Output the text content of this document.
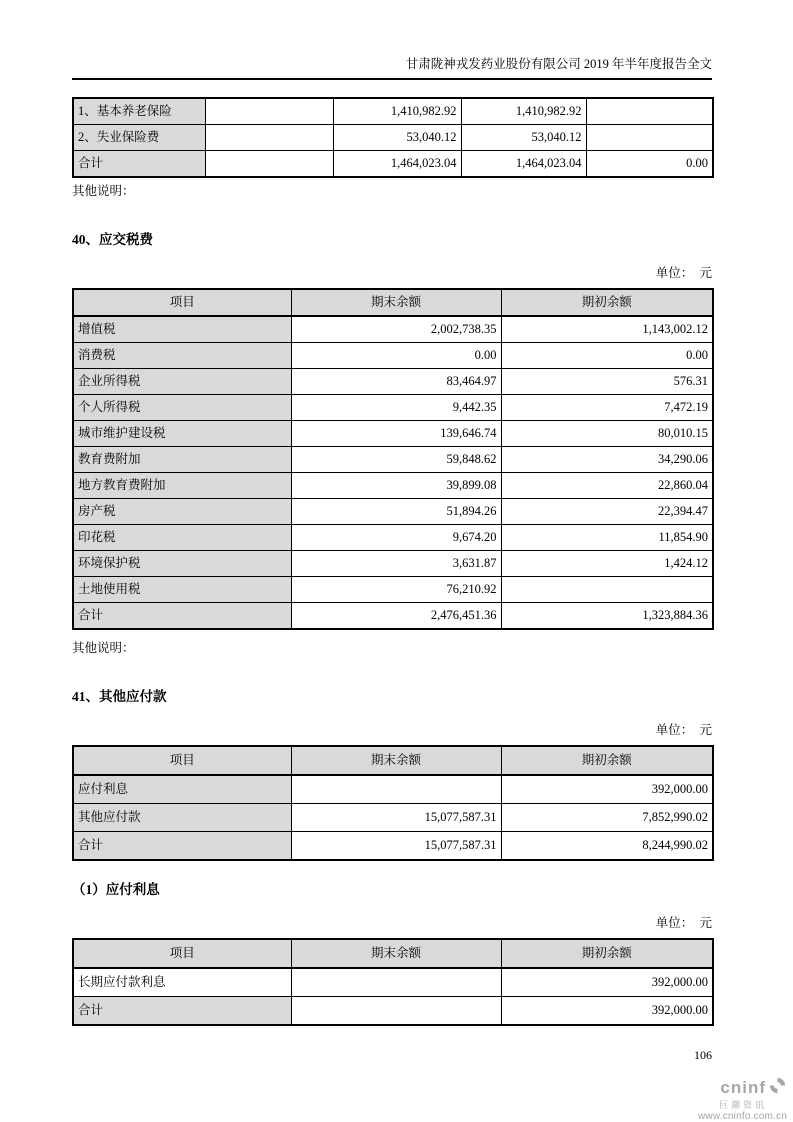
甘肃陇神戎发药业股份有限公司 2019 年半年度报告全文
1、基本养老保险		1,410,982.92	1,410,982.92	
2、失业保险费		53,040.12	53,040.12	
合计		1,464,023.04	1,464,023.04	0.00
其他说明：
40、应交税费
单位：　元
项目	期末余额	期初余额
增值税	2,002,738.35	1,143,002.12
消费税	0.00	0.00
企业所得税	83,464.97	576.31
个人所得税	9,442.35	7,472.19
城市维护建设税	139,646.74	80,010.15
教育费附加	59,848.62	34,290.06
地方教育费附加	39,899.08	22,860.04
房产税	51,894.26	22,394.47
印花税	9,674.20	11,854.90
环境保护税	3,631.87	1,424.12
土地使用税	76,210.92	
合计	2,476,451.36	1,323,884.36
其他说明：
41、其他应付款
单位：　元
项目	期末余额	期初余额
应付利息		392,000.00
其他应付款	15,077,587.31	7,852,990.02
合计	15,077,587.31	8,244,990.02
（1）应付利息
单位：　元
项目	期末余额	期初余额
长期应付款利息		392,000.00
合计		392,000.00
106
cninf
巨潮资讯
www.cninfo.com.cn
